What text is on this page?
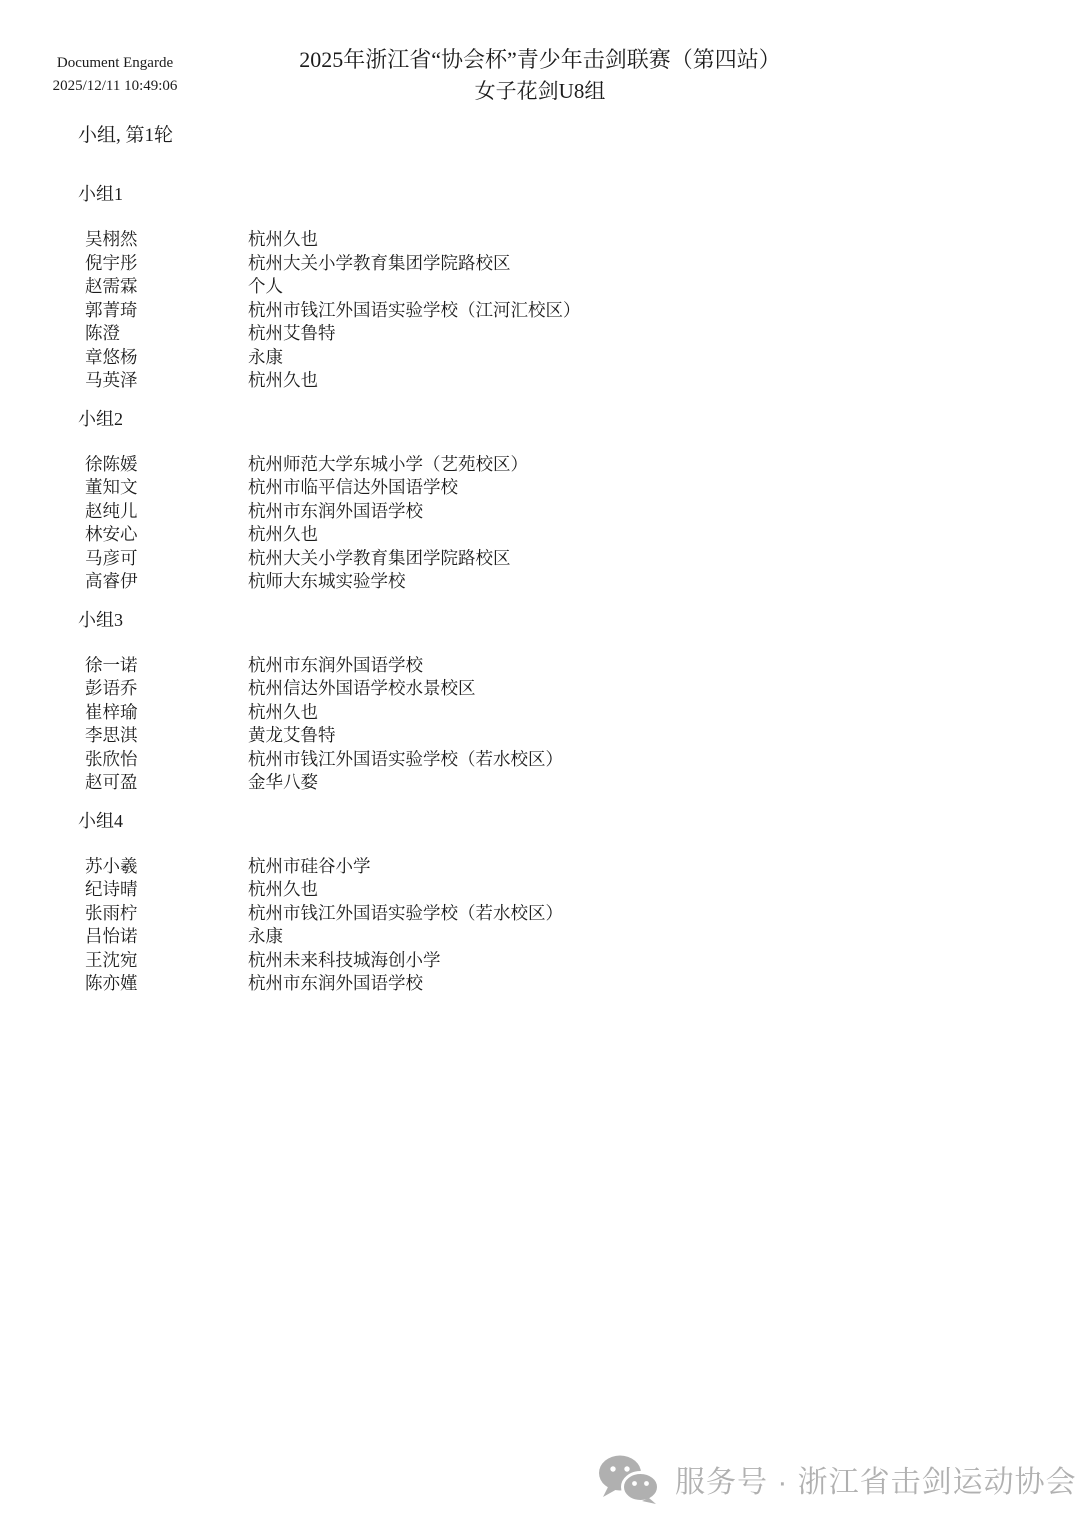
Document Engarde
2025/12/11 10:49:06
2025年浙江省“协会杯”青少年击剑联赛（第四站）
女子花剑U8组
小组, 第1轮
小组1
吴栩然	杭州久也
倪宇彤	杭州大关小学教育集团学院路校区
赵需霖	个人
郭菁琦	杭州市钱江外国语实验学校（江河汇校区）
陈澄	杭州艾鲁特
章悠杨	永康
马英泽	杭州久也
小组2
徐陈媛	杭州师范大学东城小学（艺苑校区）
董知文	杭州市临平信达外国语学校
赵纯儿	杭州市东润外国语学校
林安心	杭州久也
马彦可	杭州大关小学教育集团学院路校区
高睿伊	杭师大东城实验学校
小组3
徐一诺	杭州市东润外国语学校
彭语乔	杭州信达外国语学校水景校区
崔梓瑜	杭州久也
李思淇	黄龙艾鲁特
张欣怡	杭州市钱江外国语实验学校（若水校区）
赵可盈	金华八婺
小组4
苏小羲	杭州市硅谷小学
纪诗晴	杭州久也
张雨柠	杭州市钱江外国语实验学校（若水校区）
吕怡诺	永康
王沈宛	杭州未来科技城海创小学
陈亦嫤	杭州市东润外国语学校
服务号 · 浙江省击剑运动协会
